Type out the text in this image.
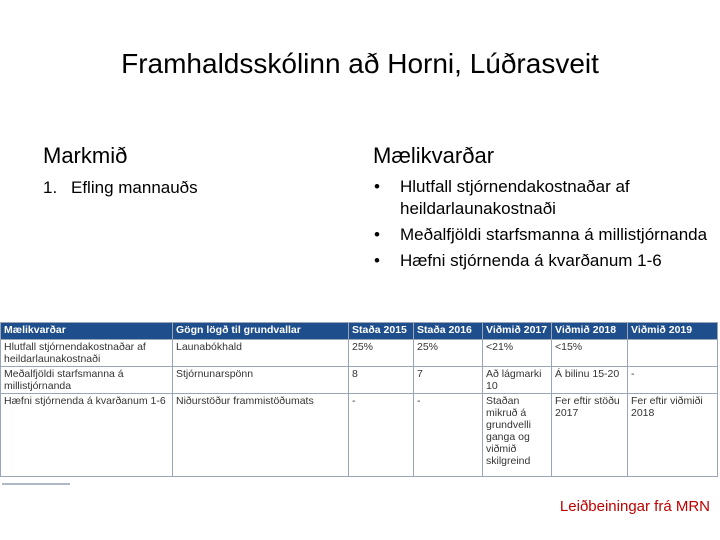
Framhaldsskólinn að Horni, Lúðrasveit
Markmið	Mælikvarðar
1. Efling mannauðs	• Hlutfall stjórnendakostnaðar af heildarlaunakostnaði
• Meðalfjöldi starfsmanna á millistjórnanda
• Hæfni stjórnenda á kvarðanum 1-6
Mælikvarðar	Gögn lögð til grundvallar	Staða 2015	Staða 2016	Viðmið 2017	Viðmið 2018	Viðmið 2019
Hlutfall stjórnendakostnaðar af heildarlaunakostnaði	Launabókhald	25%	25%	<21%	<15%	
Meðalfjöldi starfsmanna á millistjórnanda	Stjórnunarspönn	8	7	Að lágmarki 10	Á bilinu 15-20	-
Hæfni stjórnenda á kvarðanum 1-6	Niðurstöður frammistöðumats	-	-	Staðan mikruð á grundvelli ganga og viðmið skilgreind	Fer eftir stöðu 2017	Fer eftir viðmiði 2018
Leiðbeiningar frá MRN
